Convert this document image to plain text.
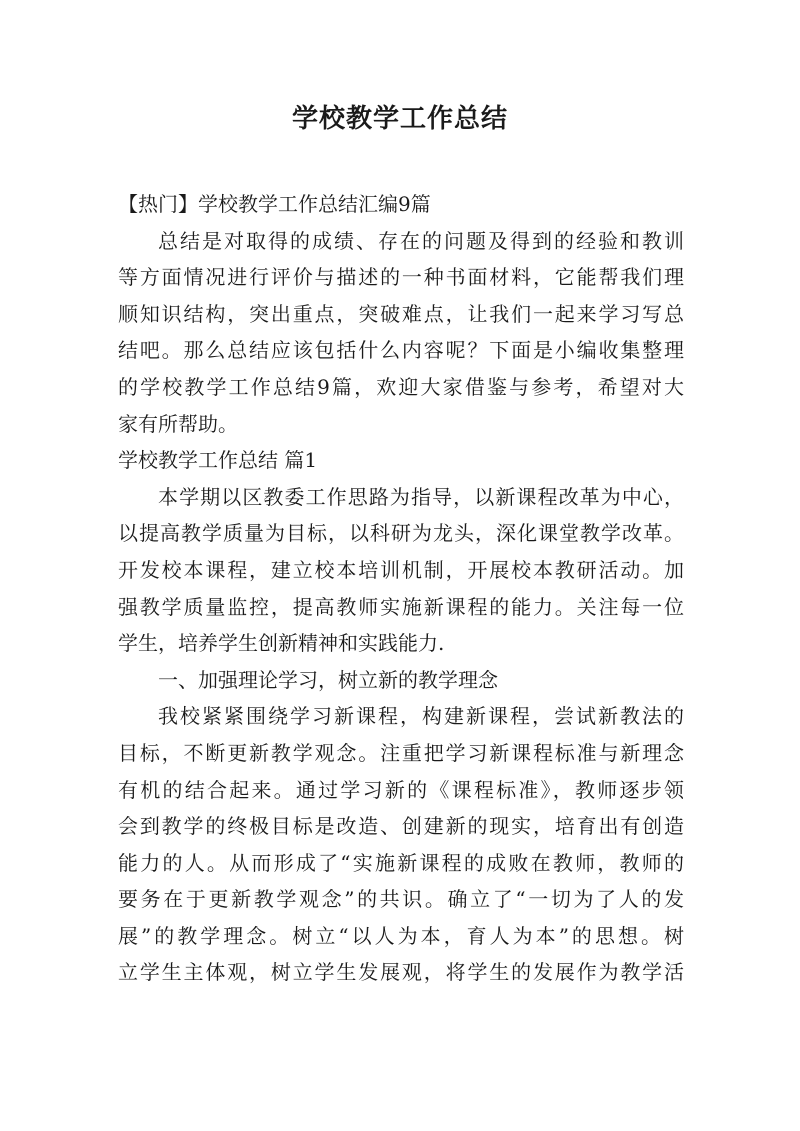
学校教学工作总结
【热门】学校教学工作总结汇编9篇
总结是对取得的成绩、存在的问题及得到的经验和教训
等方面情况进行评价与描述的一种书面材料，它能帮我们理
顺知识结构，突出重点，突破难点，让我们一起来学习写总
结吧。那么总结应该包括什么内容呢？下面是小编收集整理
的学校教学工作总结9篇，欢迎大家借鉴与参考，希望对大
家有所帮助。
学校教学工作总结 篇1
本学期以区教委工作思路为指导，以新课程改革为中心，
以提高教学质量为目标，以科研为龙头，深化课堂教学改革。
开发校本课程，建立校本培训机制，开展校本教研活动。加
强教学质量监控，提高教师实施新课程的能力。关注每一位
学生，培养学生创新精神和实践能力.
一、加强理论学习，树立新的教学理念
我校紧紧围绕学习新课程，构建新课程，尝试新教法的
目标，不断更新教学观念。注重把学习新课程标准与新理念
有机的结合起来。通过学习新的《课程标准》，教师逐步领
会到教学的终极目标是改造、创建新的现实，培育出有创造
能力的人。从而形成了“实施新课程的成败在教师，教师的
要务在于更新教学观念”的共识。确立了“一切为了人的发
展”的教学理念。树立“以人为本，育人为本”的思想。树
立学生主体观，树立学生发展观，将学生的发展作为教学活
